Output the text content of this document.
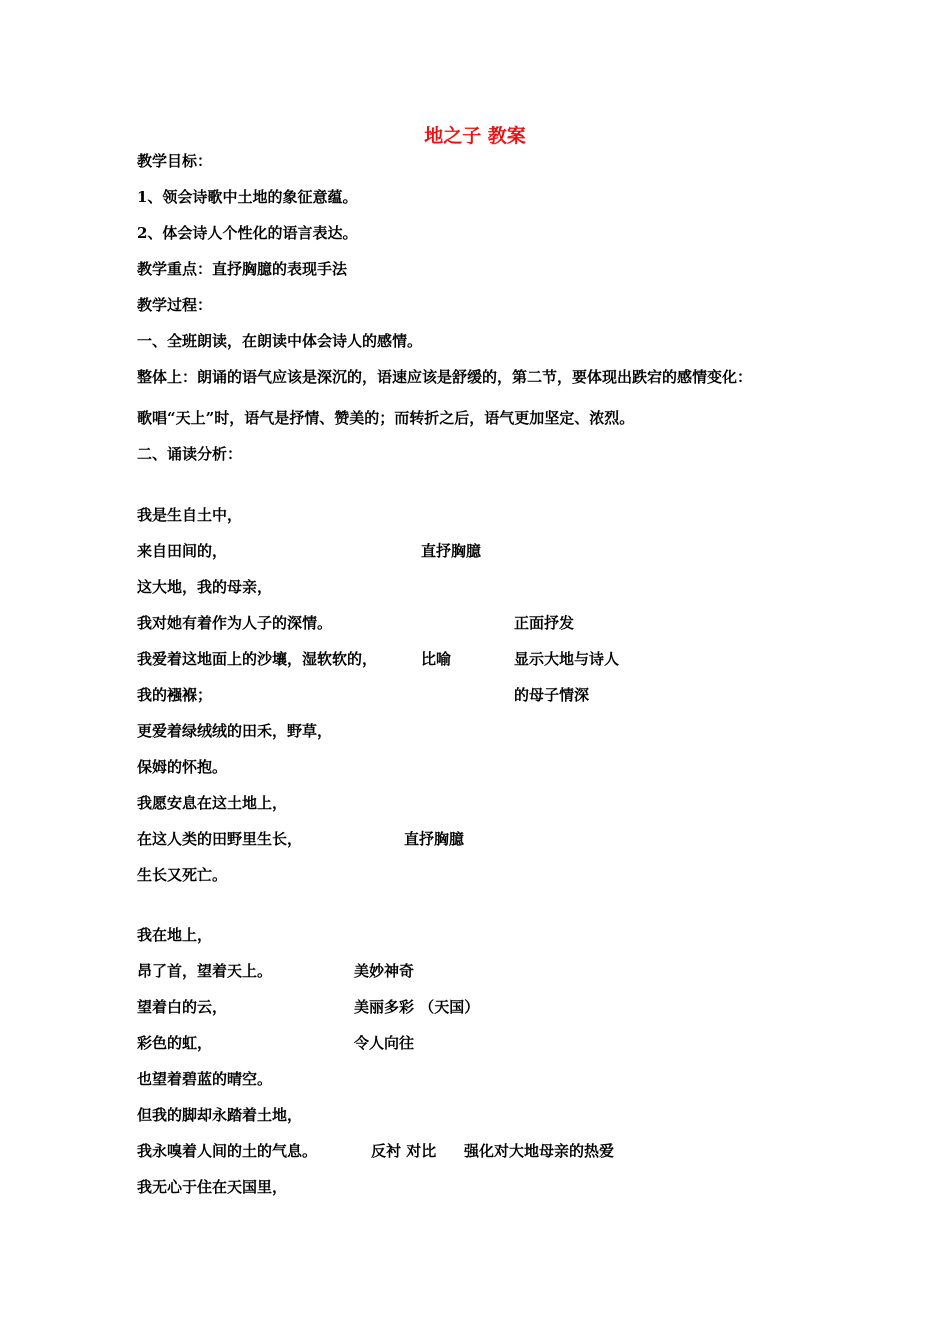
地之子 教案
教学目标：
1、领会诗歌中土地的象征意蕴。
2、体会诗人个性化的语言表达。
教学重点：直抒胸臆的表现手法
教学过程：
一、全班朗读，在朗读中体会诗人的感情。
整体上：朗诵的语气应该是深沉的，语速应该是舒缓的，第二节，要体现出跌宕的感情变化：
歌唱“天上”时，语气是抒情、赞美的；而转折之后，语气更加坚定、浓烈。
二、诵读分析：
我是生自土中，
来自田间的，	直抒胸臆
这大地，我的母亲，
我对她有着作为人子的深情。	正面抒发
我爱着这地面上的沙壤，湿软软的，	比喻	显示大地与诗人
我的襁褓；	的母子情深
更爱着绿绒绒的田禾，野草，
保姆的怀抱。
我愿安息在这土地上，
在这人类的田野里生长，	直抒胸臆
生长又死亡。
我在地上，
昂了首，望着天上。	美妙神奇
望着白的云，	美丽多彩 （天国）
彩色的虹，	令人向往
也望着碧蓝的晴空。
但我的脚却永踏着土地，
我永嗅着人间的土的气息。	反衬 对比 强化对大地母亲的热爱
我无心于住在天国里，
